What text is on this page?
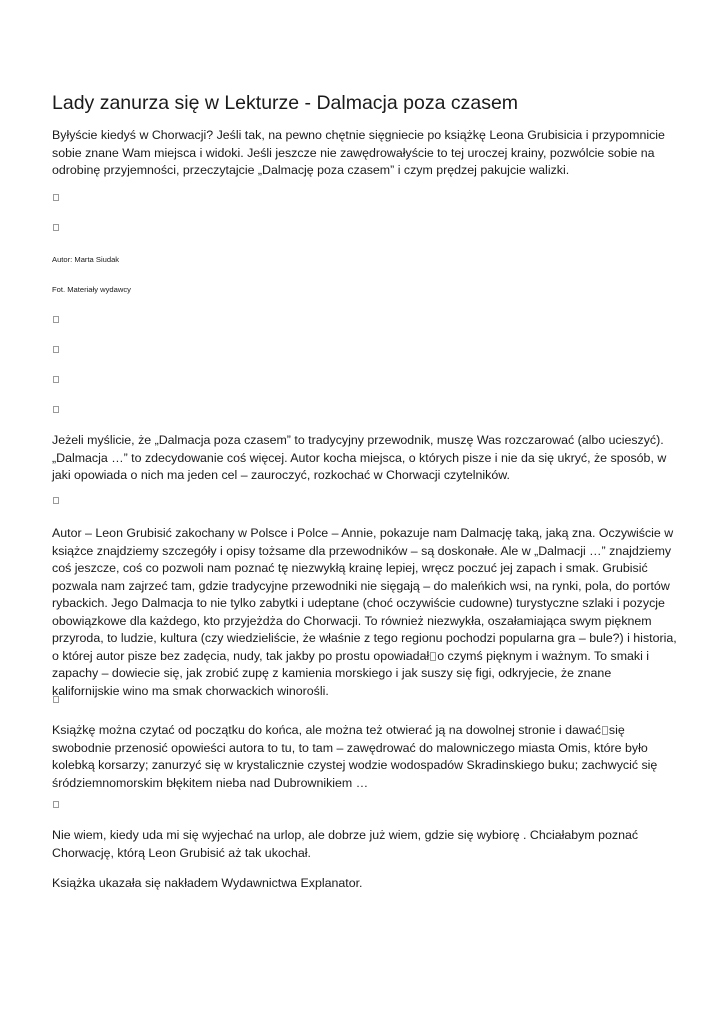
Lady zanurza się w Lekturze - Dalmacja poza czasem

Byłyście kiedyś w Chorwacji? Jeśli tak, na pewno chętnie sięgniecie po książkę Leona Grubisicia i przypomnicie sobie znane Wam miejsca i widoki. Jeśli jeszcze nie zawędrowałyście to tej uroczej krainy, pozwólcie sobie na odrobinę przyjemności, przeczytajcie „Dalmację poza czasem” i czym prędzej pakujcie walizki.

Autor: Marta Siudak

Fot. Materiały wydawcy

Jeżeli myślicie, że „Dalmacja poza czasem” to tradycyjny przewodnik, muszę Was rozczarować (albo ucieszyć). „Dalmacja …” to zdecydowanie coś więcej. Autor kocha miejsca, o których pisze i nie da się ukryć, że sposób, w jaki opowiada o nich ma jeden cel – zauroczyć, rozkochać w Chorwacji czytelników.

Autor – Leon Grubisić zakochany w Polsce i Polce – Annie, pokazuje nam Dalmację taką, jaką zna. Oczywiście w książce znajdziemy szczegóły i opisy tożsame dla przewodników – są doskonałe. Ale w „Dalmacji …” znajdziemy coś jeszcze, coś co pozwoli nam poznać tę niezwykłą krainę lepiej, wręcz poczuć jej zapach i smak. Grubisić pozwala nam zajrzeć tam, gdzie tradycyjne przewodniki nie sięgają – do maleńkich wsi, na rynki, pola, do portów rybackich. Jego Dalmacja to nie tylko zabytki i udeptane (choć oczywiście cudowne) turystyczne szlaki i pozycje obowiązkowe dla każdego, kto przyjeżdża do Chorwacji. To również niezwykła, oszałamiająca swym pięknem przyroda, to ludzie, kultura (czy wiedzieliście, że właśnie z tego regionu pochodzi popularna gra – bule?) i historia, o której autor pisze bez zadęcia, nudy, tak jakby po prostu opowiadał o czymś pięknym i ważnym. To smaki i zapachy – dowiecie się, jak zrobić zupę z kamienia morskiego i jak suszy się figi, odkryjecie, że znane kalifornijskie wino ma smak chorwackich winorośli.

Książkę można czytać od początku do końca, ale można też otwierać ją na dowolnej stronie i dawać się swobodnie przenosić opowieści autora to tu, to tam – zawędrować do malowniczego miasta Omis, które było kolebką korsarzy; zanurzyć się w krystalicznie czystej wodzie wodospadów Skradinskiego buku; zachwycić się śródziemnomorskim błękitem nieba nad Dubrownikiem …

Nie wiem, kiedy uda mi się wyjechać na urlop, ale dobrze już wiem, gdzie się wybiorę . Chciałabym poznać Chorwację, którą Leon Grubisić aż tak ukochał.

Książka ukazała się nakładem Wydawnictwa Explanator.
